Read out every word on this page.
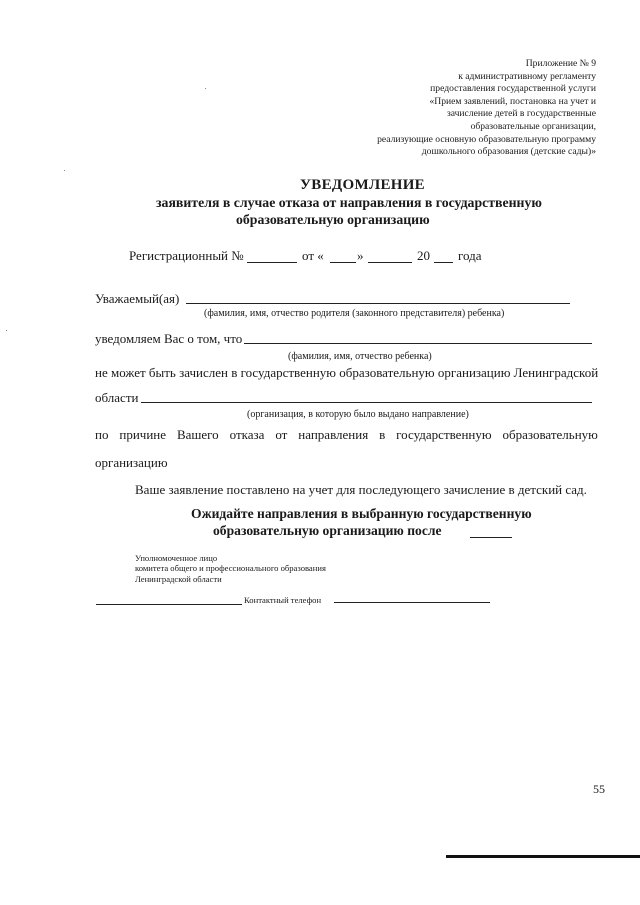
Приложение № 9
к административному регламенту
предоставления государственной услуги
«Прием заявлений, постановка на учет и
зачисление детей в государственные
образовательные организации,
реализующие основную образовательную программу
дошкольного образования (детские сады)»
УВЕДОМЛЕНИЕ
заявителя в случае отказа от направления в государственную
образовательную организацию
Регистрационный №	от «	»	20 года
Уважаемый(ая)
(фамилия, имя, отчество родителя (законного представителя) ребенка)
уведомляем Вас о том, что
(фамилия, имя, отчество ребенка)
не может быть зачислен в государственную образовательную организацию Ленинградской
области
(организация, в которую было выдано направление)
по причине Вашего отказа от направления в государственную образовательную
организацию
Ваше заявление поставлено на учет для последующего зачисление в детский сад.
Ожидайте направления в выбранную государственную
образовательную организацию после
Уполномоченное лицо
комитета общего и профессионального образования
Ленинградской области
Контактный телефон
55
